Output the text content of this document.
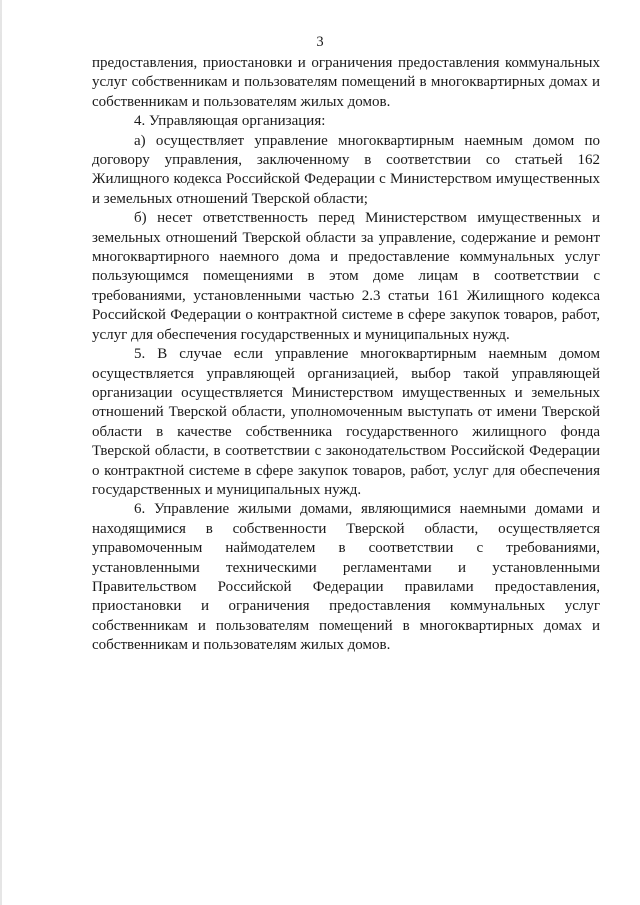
3

предоставления, приостановки и ограничения предоставления коммунальных услуг собственникам и пользователям помещений в многоквартирных домах и собственникам и пользователям жилых домов.

4. Управляющая организация:

а) осуществляет управление многоквартирным наемным домом по договору управления, заключенному в соответствии со статьей 162 Жилищного кодекса Российской Федерации с Министерством имущественных и земельных отношений Тверской области;

б) несет ответственность перед Министерством имущественных и земельных отношений Тверской области за управление, содержание и ремонт многоквартирного наемного дома и предоставление коммунальных услуг пользующимся помещениями в этом доме лицам в соответствии с требованиями, установленными частью 2.3 статьи 161 Жилищного кодекса Российской Федерации о контрактной системе в сфере закупок товаров, работ, услуг для обеспечения государственных и муниципальных нужд.

5. В случае если управление многоквартирным наемным домом осуществляется управляющей организацией, выбор такой управляющей организации осуществляется Министерством имущественных и земельных отношений Тверской области, уполномоченным выступать от имени Тверской области в качестве собственника государственного жилищного фонда Тверской области, в соответствии с законодательством Российской Федерации о контрактной системе в сфере закупок товаров, работ, услуг для обеспечения государственных и муниципальных нужд.

6. Управление жилыми домами, являющимися наемными домами и находящимися в собственности Тверской области, осуществляется управомоченным наймодателем в соответствии с требованиями, установленными техническими регламентами и установленными Правительством Российской Федерации правилами предоставления, приостановки и ограничения предоставления коммунальных услуг собственникам и пользователям помещений в многоквартирных домах и собственникам и пользователям жилых домов.
